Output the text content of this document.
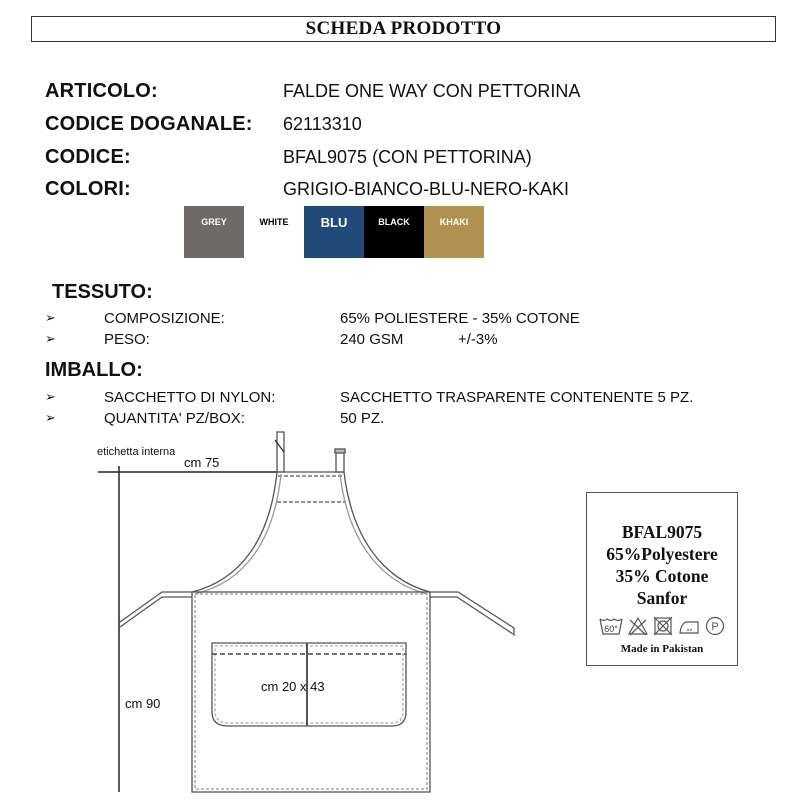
SCHEDA PRODOTTO
ARTICOLO:	FALDE ONE WAY CON PETTORINA
CODICE DOGANALE:	62113310
CODICE:	BFAL9075 (CON PETTORINA)
COLORI:	GRIGIO-BIANCO-BLU-NERO-KAKI
GREY	WHITE BLU	BLACK	KHAKI
TESSUTO:
➢	COMPOSIZIONE:	65% POLIESTERE - 35% COTONE
➢	PESO:	240 GSM	+/-3%
IMBALLO:
➢	SACCHETTO DI NYLON:	SACCHETTO TRASPARENTE CONTENENTE 5 PZ.
➢	QUANTITA' PZ/BOX:	50 PZ.
etichetta interna
cm 75
cm 90
cm 20 x 43
BFAL9075
65%Polyestere
35% Cotone
Sanfor
60°	P
Made in Pakistan
